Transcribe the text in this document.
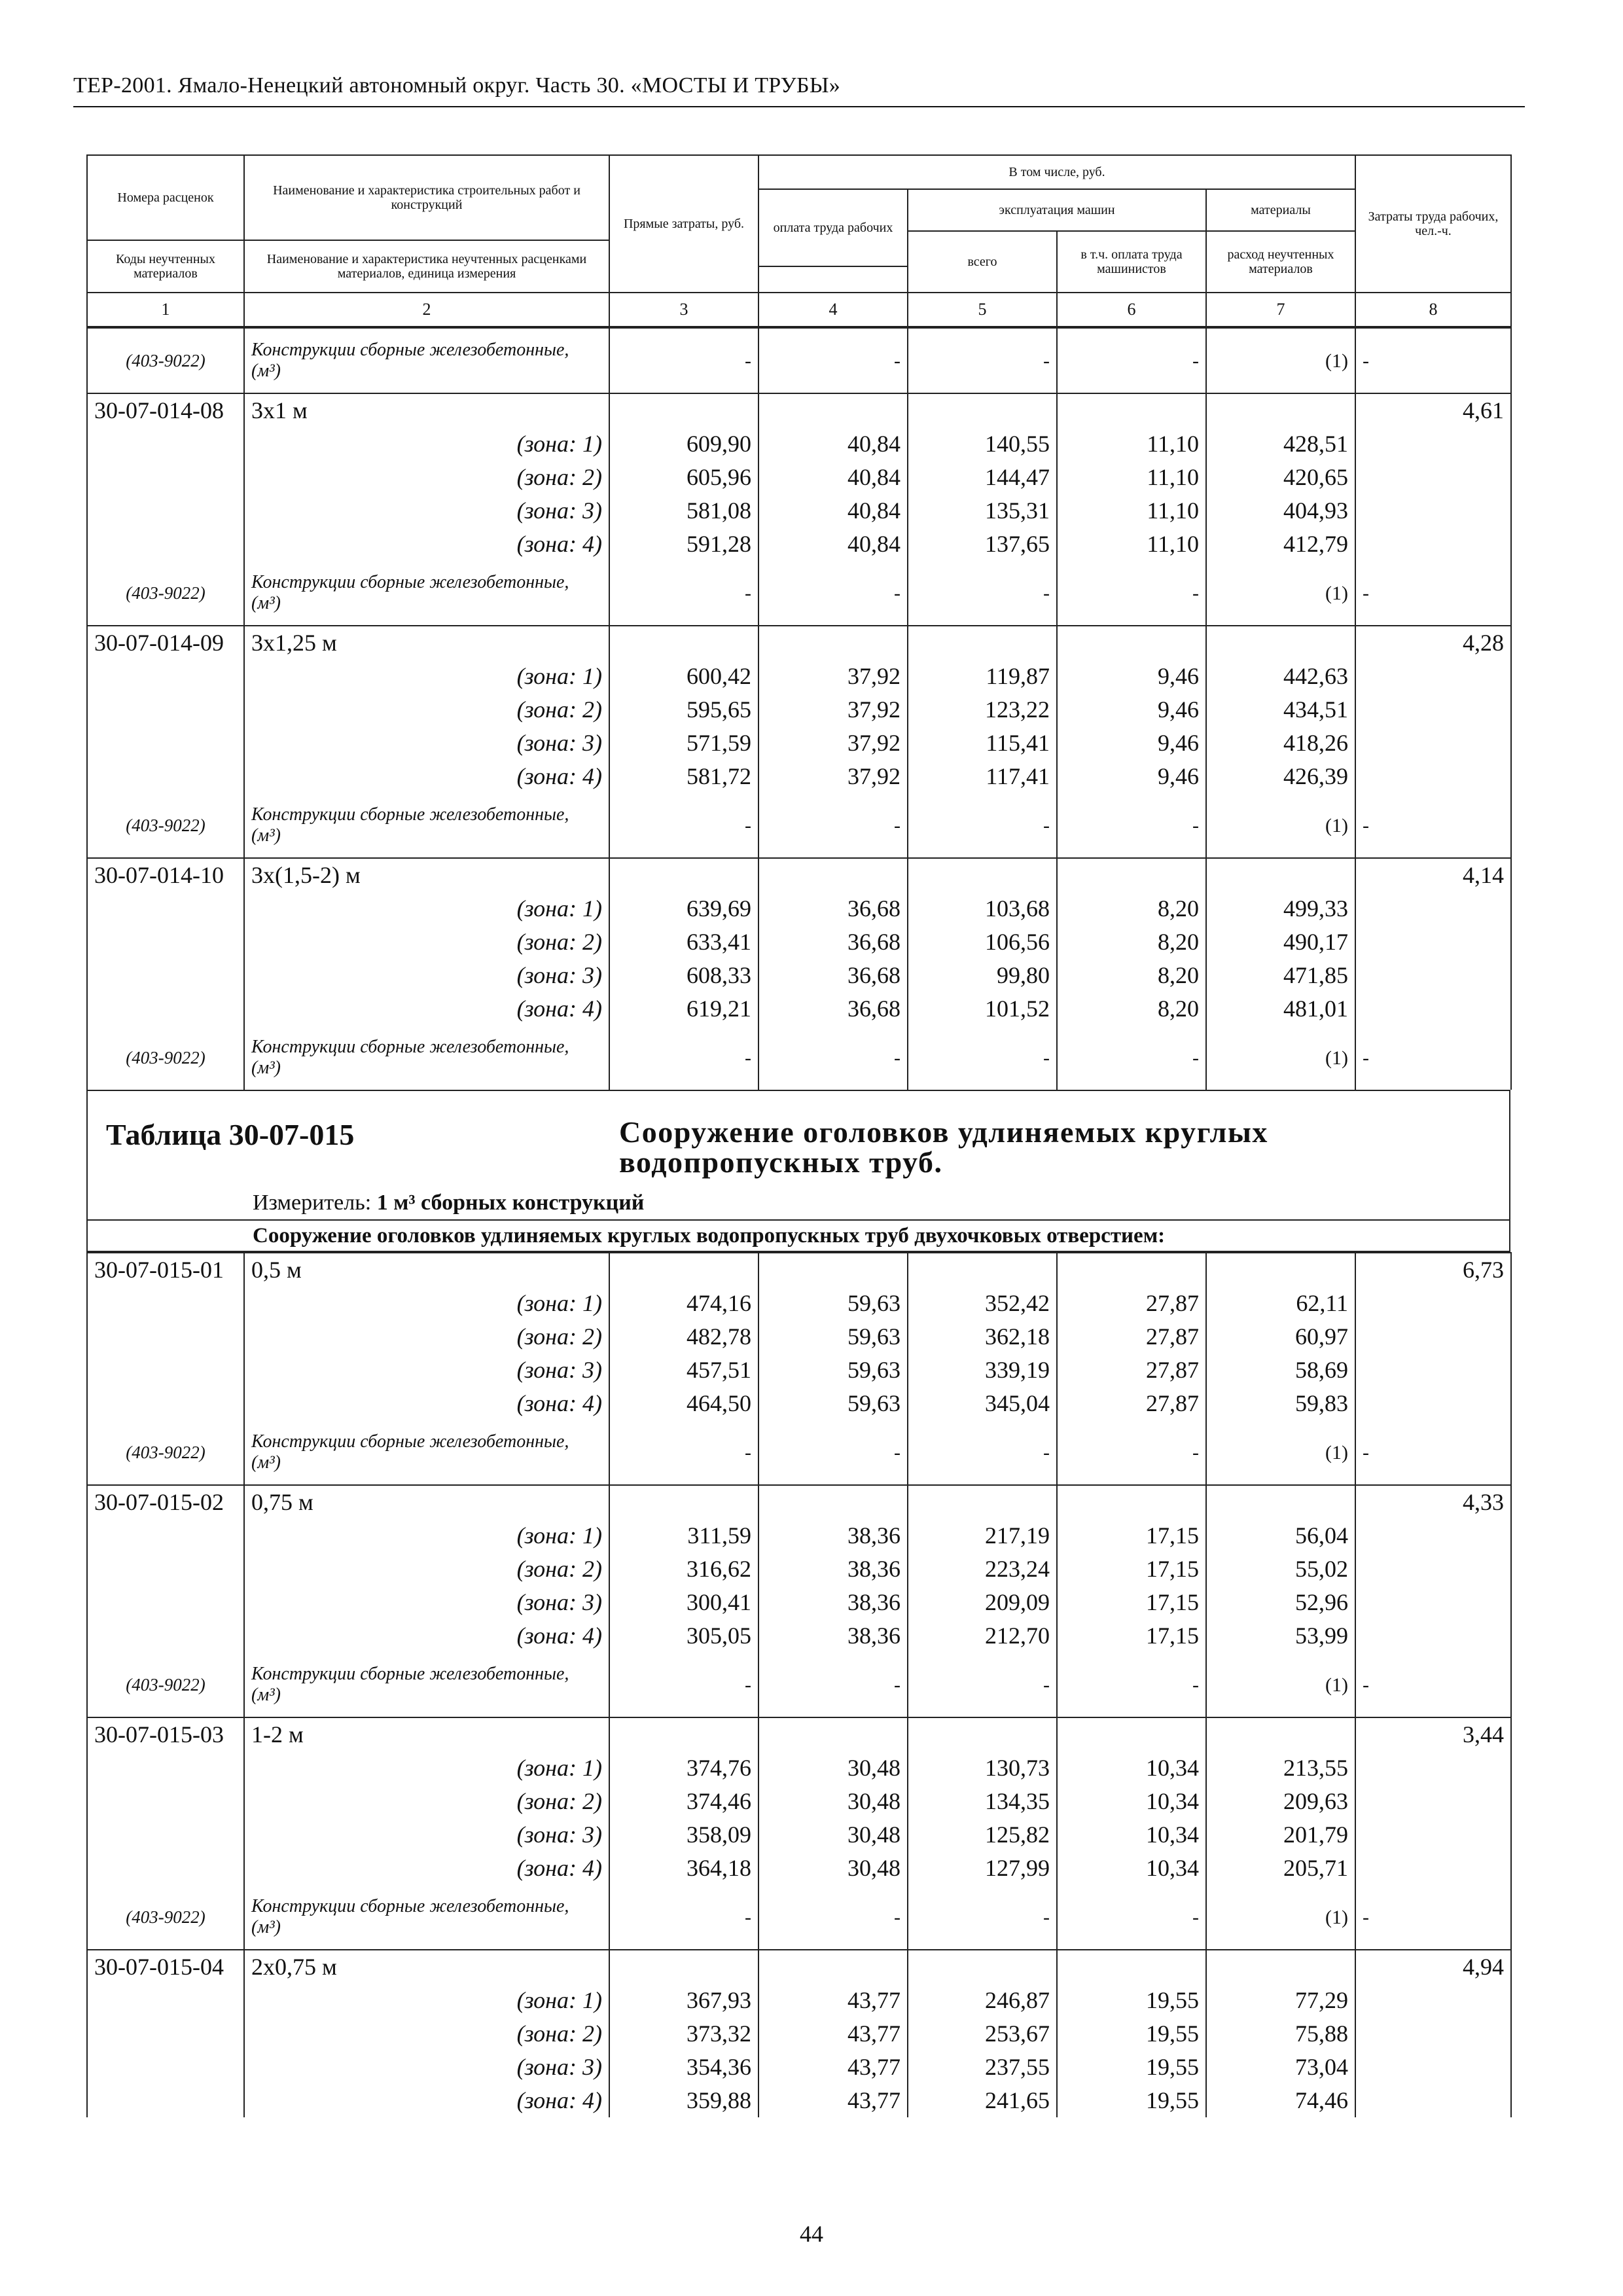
ТЕР-2001. Ямало-Ненецкий автономный округ. Часть 30. «МОСТЫ И ТРУБЫ»
Номера расценок	Наименование и характеристика строительных работ и конструкций	Прямые затраты, руб.	В том числе, руб.				Затраты труда рабочих, чел.-ч.
			оплата труда рабочих	эксплуатация машин		материалы	
				всего	в т.ч. оплата труда машинистов	расход неучтенных материалов	
Коды неучтенных материалов	Наименование и характеристика неучтенных расценками материалов, единица измерения						

1	2	3	4	5	6	7	8
(403-9022)	Конструкции сборные железобетонные, (м³)	-	-	-	-	(1)	-
30-07-014-08	3х1 м						4,61
	(зона: 1)	609,90	40,84	140,55	11,10	428,51	
	(зона: 2)	605,96	40,84	144,47	11,10	420,65	
	(зона: 3)	581,08	40,84	135,31	11,10	404,93	
	(зона: 4)	591,28	40,84	137,65	11,10	412,79	
(403-9022)	Конструкции сборные железобетонные, (м³)	-	-	-	-	(1)	-
30-07-014-09	3х1,25 м						4,28
	(зона: 1)	600,42	37,92	119,87	9,46	442,63	
	(зона: 2)	595,65	37,92	123,22	9,46	434,51	
	(зона: 3)	571,59	37,92	115,41	9,46	418,26	
	(зона: 4)	581,72	37,92	117,41	9,46	426,39	
(403-9022)	Конструкции сборные железобетонные, (м³)	-	-	-	-	(1)	-
30-07-014-10	3х(1,5-2) м						4,14
	(зона: 1)	639,69	36,68	103,68	8,20	499,33	
	(зона: 2)	633,41	36,68	106,56	8,20	490,17	
	(зона: 3)	608,33	36,68	99,80	8,20	471,85	
	(зона: 4)	619,21	36,68	101,52	8,20	481,01	
(403-9022)	Конструкции сборные железобетонные, (м³)	-	-	-	-	(1)	-
Таблица 30-07-015	Сооружение оголовков удлиняемых круглых водопропускных труб.
Измеритель: 1 м³ сборных конструкций
Сооружение оголовков удлиняемых круглых водопропускных труб двухочковых отверстием:
30-07-015-01	0,5 м						6,73
	(зона: 1)	474,16	59,63	352,42	27,87	62,11	
	(зона: 2)	482,78	59,63	362,18	27,87	60,97	
	(зона: 3)	457,51	59,63	339,19	27,87	58,69	
	(зона: 4)	464,50	59,63	345,04	27,87	59,83	
(403-9022)	Конструкции сборные железобетонные, (м³)	-	-	-	-	(1)	-
30-07-015-02	0,75 м						4,33
	(зона: 1)	311,59	38,36	217,19	17,15	56,04	
	(зона: 2)	316,62	38,36	223,24	17,15	55,02	
	(зона: 3)	300,41	38,36	209,09	17,15	52,96	
	(зона: 4)	305,05	38,36	212,70	17,15	53,99	
(403-9022)	Конструкции сборные железобетонные, (м³)	-	-	-	-	(1)	-
30-07-015-03	1-2 м						3,44
	(зона: 1)	374,76	30,48	130,73	10,34	213,55	
	(зона: 2)	374,46	30,48	134,35	10,34	209,63	
	(зона: 3)	358,09	30,48	125,82	10,34	201,79	
	(зона: 4)	364,18	30,48	127,99	10,34	205,71	
(403-9022)	Конструкции сборные железобетонные, (м³)	-	-	-	-	(1)	-
30-07-015-04	2х0,75 м						4,94
	(зона: 1)	367,93	43,77	246,87	19,55	77,29	
	(зона: 2)	373,32	43,77	253,67	19,55	75,88	
	(зона: 3)	354,36	43,77	237,55	19,55	73,04	
	(зона: 4)	359,88	43,77	241,65	19,55	74,46	
44
